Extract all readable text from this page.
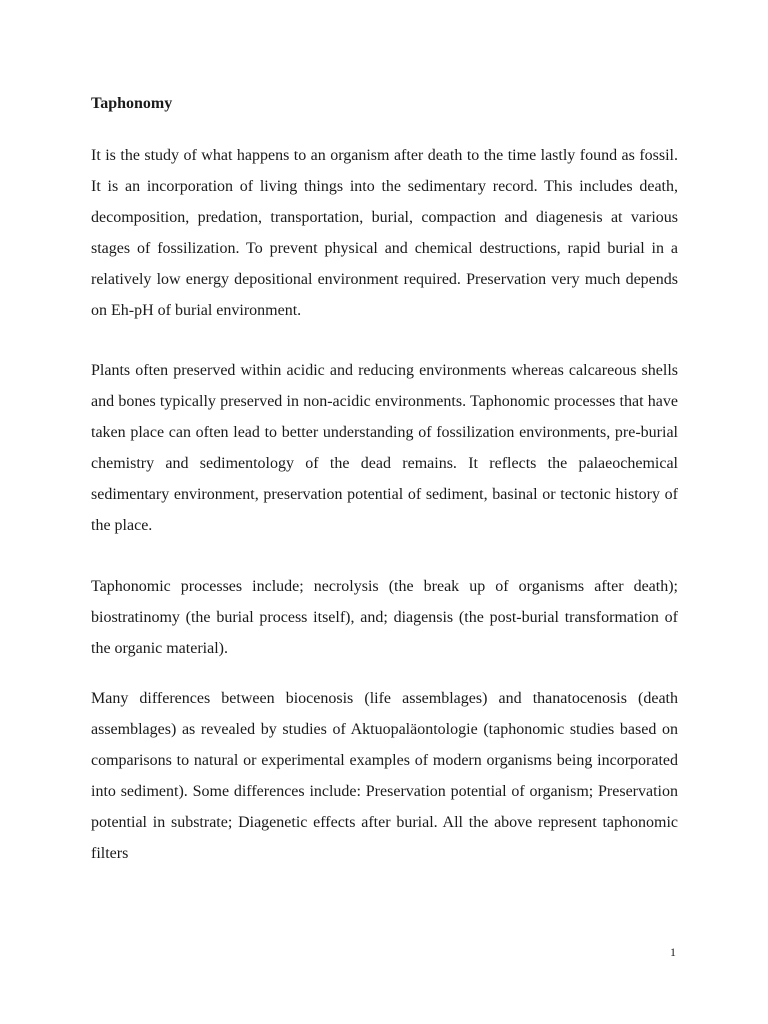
Taphonomy

It is the study of what happens to an organism after death to the time lastly found as fossil. It is an incorporation of living things into the sedimentary record. This includes death, decomposition, predation, transportation, burial, compaction and diagenesis at various stages of fossilization. To prevent physical and chemical destructions, rapid burial in a relatively low energy depositional environment required. Preservation very much depends on Eh-pH of burial environment.

Plants often preserved within acidic and reducing environments whereas calcareous shells and bones typically preserved in non-acidic environments. Taphonomic processes that have taken place can often lead to better understanding of fossilization environments, pre-burial chemistry and sedimentology of the dead remains. It reflects the palaeochemical sedimentary environment, preservation potential of sediment, basinal or tectonic history of the place.

Taphonomic processes include; necrolysis (the break up of organisms after death); biostratinomy (the burial process itself), and; diagensis (the post-burial transformation of the organic material).

Many differences between biocenosis (life assemblages) and thanatocenosis (death assemblages) as revealed by studies of Aktuopaläontologie (taphonomic studies based on comparisons to natural or experimental examples of modern organisms being incorporated into sediment). Some differences include: Preservation potential of organism; Preservation potential in substrate; Diagenetic effects after burial. All the above represent taphonomic filters

1
